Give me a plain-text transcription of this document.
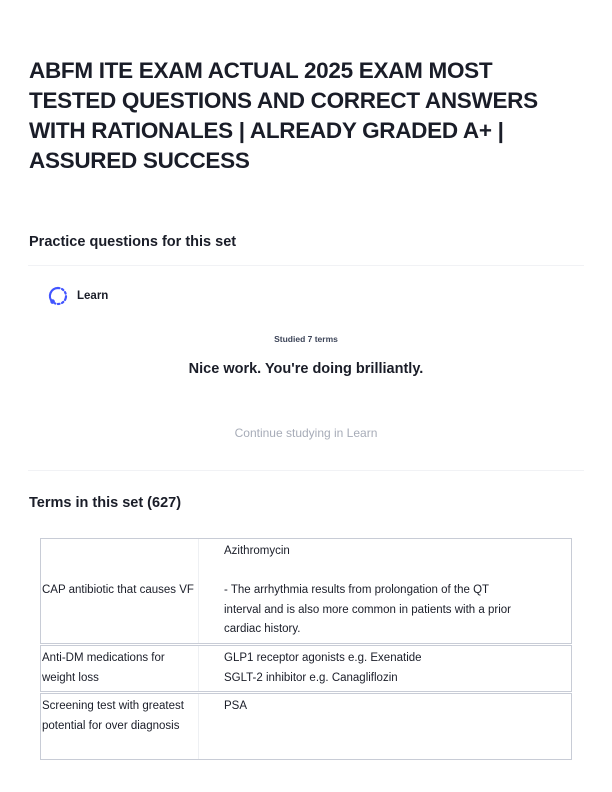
ABFM ITE EXAM ACTUAL 2025 EXAM MOST TESTED QUESTIONS AND CORRECT ANSWERS WITH RATIONALES | ALREADY GRADED A+ | ASSURED SUCCESS
Practice questions for this set
Learn
Studied 7 terms
Nice work. You're doing brilliantly.
Continue studying in Learn
Terms in this set (627)
CAP antibiotic that causes VF
Azithromycin

- The arrhythmia results from prolongation of the QT interval and is also more common in patients with a prior cardiac history.
Anti-DM medications for weight loss
GLP1 receptor agonists e.g. Exenatide
SGLT-2 inhibitor e.g. Canagliflozin
Screening test with greatest potential for over diagnosis
PSA
